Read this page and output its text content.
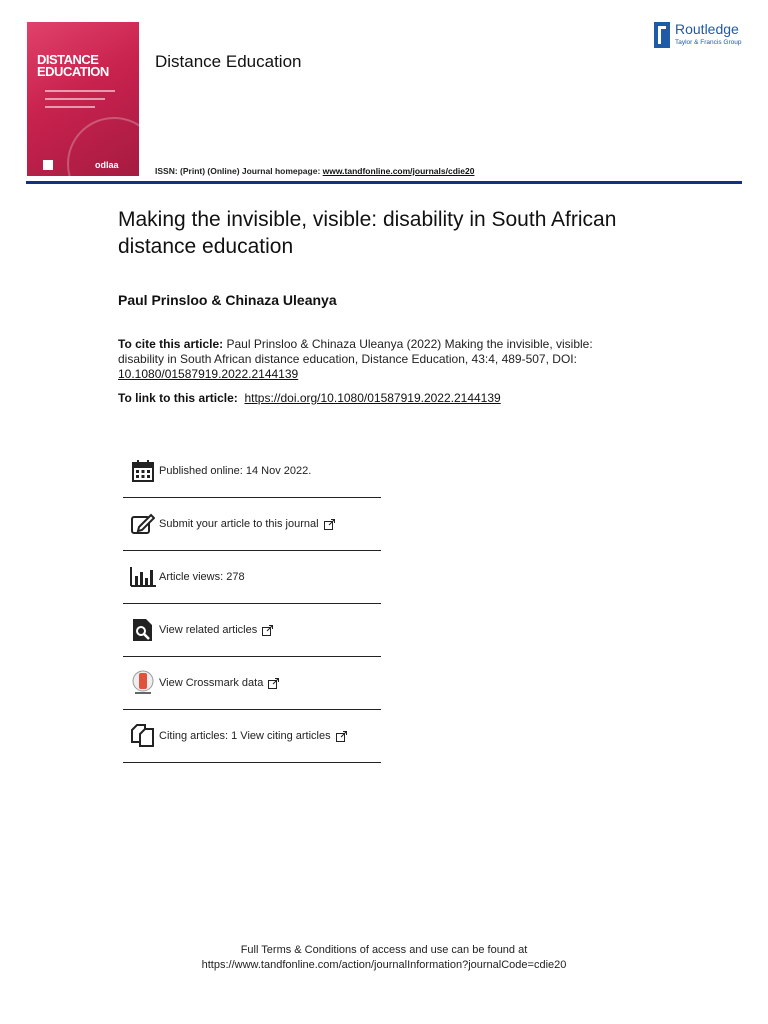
DISTANCE
EDUCATION
odlaa
Distance Education
Routledge
Taylor & Francis Group
ISSN: (Print) (Online) Journal homepage: www.tandfonline.com/journals/cdie20
Making the invisible, visible: disability in South African distance education
Paul Prinsloo & Chinaza Uleanya
To cite this article: Paul Prinsloo & Chinaza Uleanya (2022) Making the invisible, visible: disability in South African distance education, Distance Education, 43:4, 489-507, DOI: 10.1080/01587919.2022.2144139
To link to this article:  https://doi.org/10.1080/01587919.2022.2144139
Published online: 14 Nov 2022.
Submit your article to this journal
Article views: 278
View related articles
View Crossmark data
Citing articles: 1 View citing articles
Full Terms & Conditions of access and use can be found at
https://www.tandfonline.com/action/journalInformation?journalCode=cdie20
